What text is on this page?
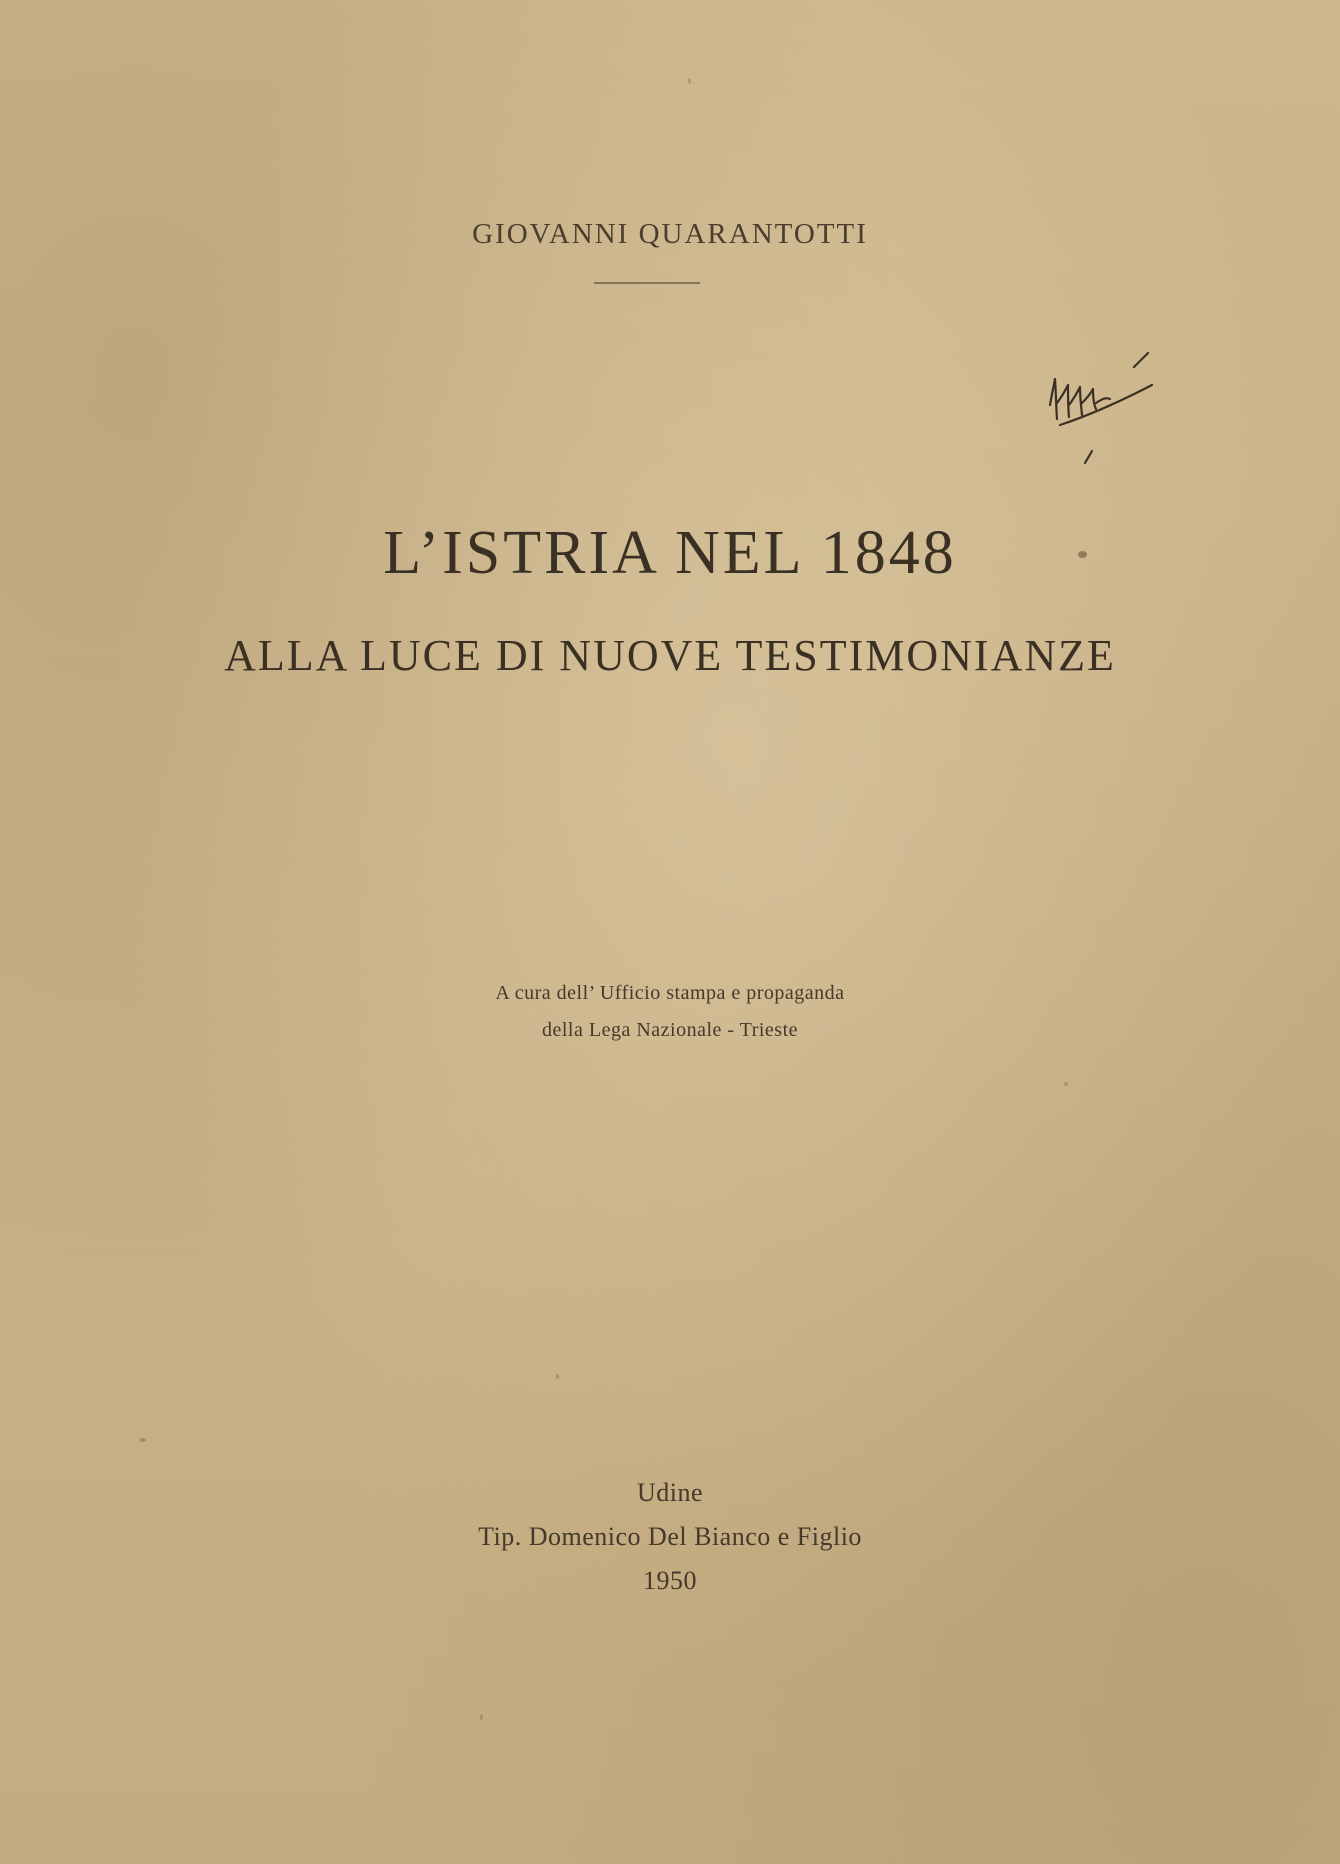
GIOVANNI QUARANTOTTI
L’ISTRIA NEL 1848
ALLA LUCE DI NUOVE TESTIMONIANZE
A cura dell’ Ufficio stampa e propaganda
della Lega Nazionale - Trieste
Udine
Tip. Domenico Del Bianco e Figlio
1950
